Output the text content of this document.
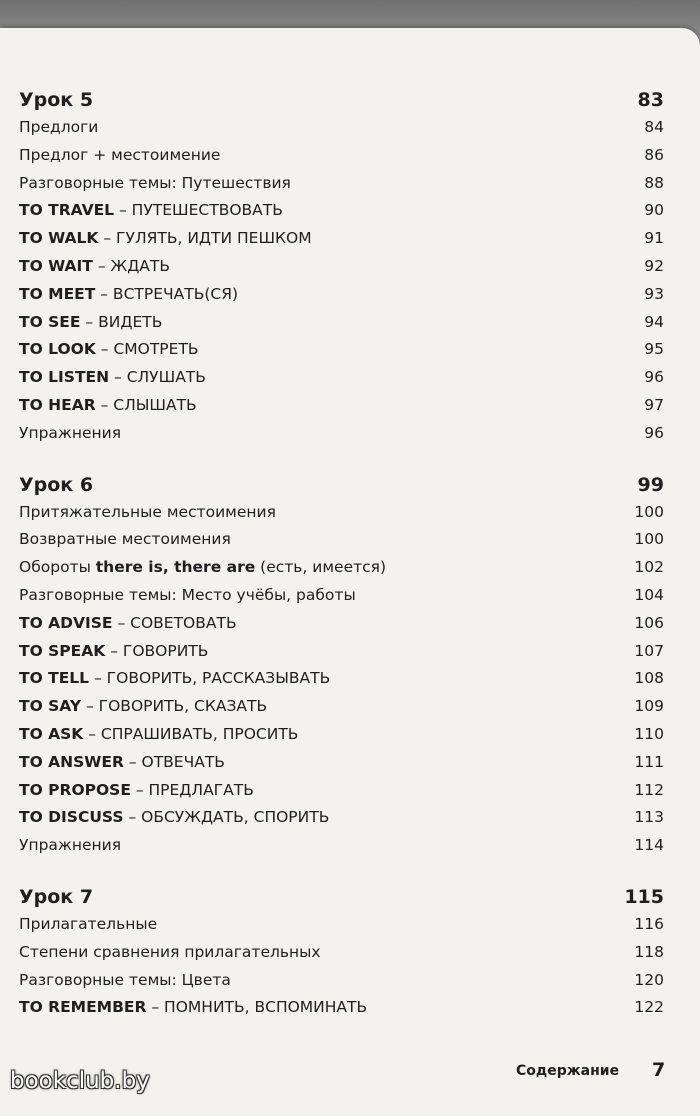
Урок 5	83
Предлоги	84
Предлог + местоимение	86
Разговорные темы: Путешествия	88
TO TRAVEL – ПУТЕШЕСТВОВАТЬ	90
TO WALK – ГУЛЯТЬ, ИДТИ ПЕШКОМ	91
TO WAIT – ЖДАТЬ	92
TO MEET – ВСТРЕЧАТЬ(СЯ)	93
TO SEE – ВИДЕТЬ	94
TO LOOK – СМОТРЕТЬ	95
TO LISTEN – СЛУШАТЬ	96
TO HEAR – СЛЫШАТЬ	97
Упражнения	96
Урок 6	99
Притяжательные местоимения	100
Возвратные местоимения	100
Обороты there is, there are (есть, имеется)	102
Разговорные темы: Место учёбы, работы	104
TO ADVISE – СОВЕТОВАТЬ	106
TO SPEAK – ГОВОРИТЬ	107
TO TELL – ГОВОРИТЬ, РАССКАЗЫВАТЬ	108
TO SAY – ГОВОРИТЬ, СКАЗАТЬ	109
TO ASK – СПРАШИВАТЬ, ПРОСИТЬ	110
TO ANSWER – ОТВЕЧАТЬ	111
TO PROPOSE – ПРЕДЛАГАТЬ	112
TO DISCUSS – ОБСУЖДАТЬ, СПОРИТЬ	113
Упражнения	114
Урок 7	115
Прилагательные	116
Степени сравнения прилагательных	118
Разговорные темы: Цвета	120
TO REMEMBER – ПОМНИТЬ, ВСПОМИНАТЬ	122
Содержание 7
bookclub.by
